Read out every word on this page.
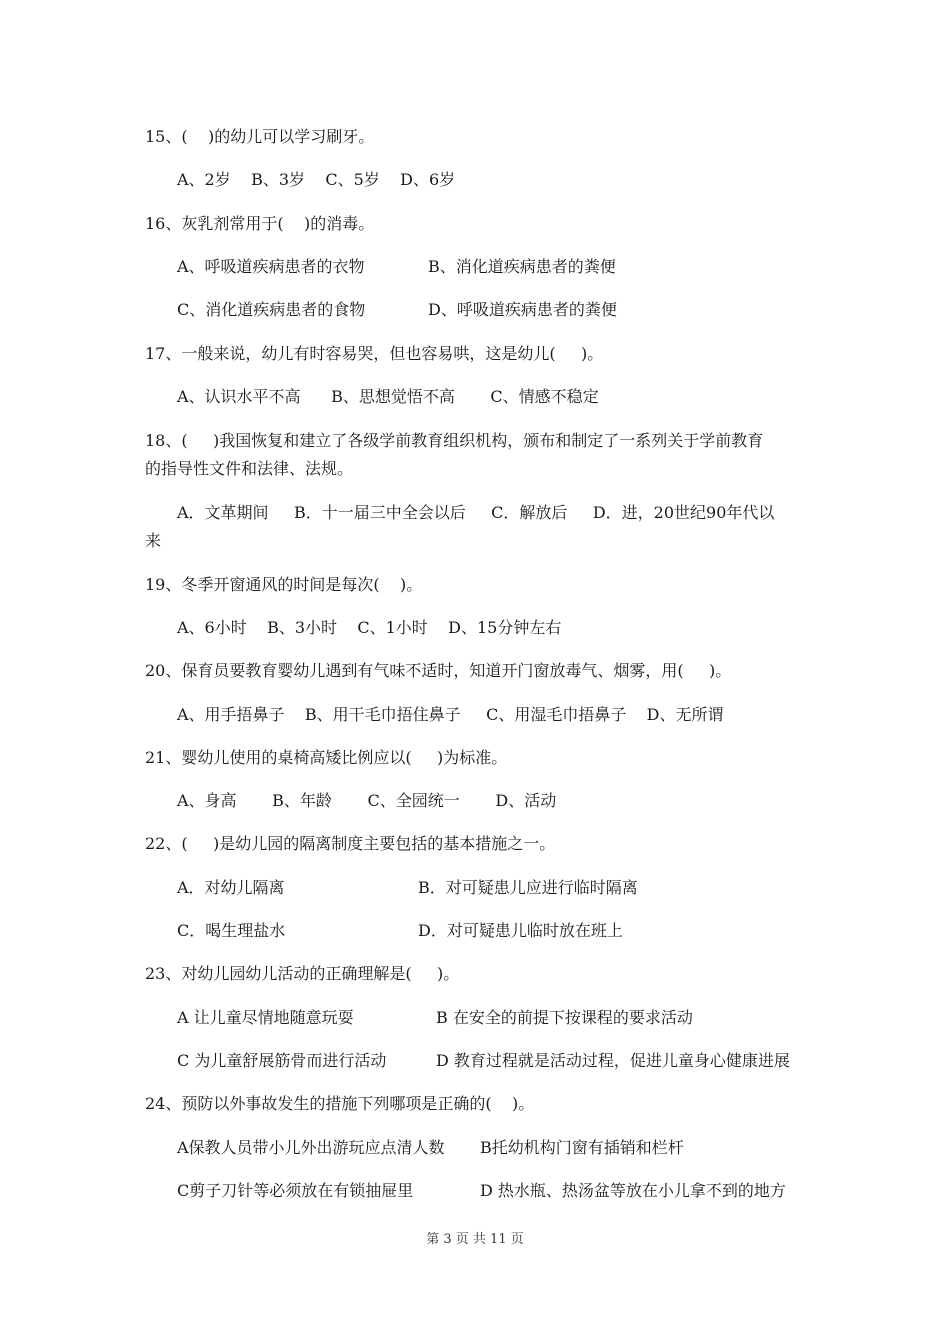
15、(    )的幼儿可以学习刷牙。

A、2岁    B、3岁    C、5岁    D、6岁

16、灰乳剂常用于(    )的消毒。

A、呼吸道疾病患者的衣物	B、消化道疾病患者的粪便

C、消化道疾病患者的食物	D、呼吸道疾病患者的粪便

17、一般来说，幼儿有时容易哭，但也容易哄，这是幼儿(     )。

A、认识水平不高      B、思想觉悟不高       C、情感不稳定

18、(     )我国恢复和建立了各级学前教育组织机构，颁布和制定了一系列关于学前教育

的指导性文件和法律、法规。

A．文革期间     B．十一届三中全会以后     C．解放后     D．进，20世纪90年代以

来

19、冬季开窗通风的时间是每次(    )。

A、6小时    B、3小时    C、1小时    D、15分钟左右

20、保育员要教育婴幼儿遇到有气味不适时，知道开门窗放毒气、烟雾，用(     )。

A、用手捂鼻子    B、用干毛巾捂住鼻子     C、用湿毛巾捂鼻子    D、无所谓

21、婴幼儿使用的桌椅高矮比例应以(     )为标准。

A、身高       B、年龄       C、全园统一       D、活动

22、(     )是幼儿园的隔离制度主要包括的基本措施之一。

A．对幼儿隔离	B．对可疑患儿应进行临时隔离

C．喝生理盐水	D．对可疑患儿临时放在班上

23、对幼儿园幼儿活动的正确理解是(     )。

A 让儿童尽情地随意玩耍	B 在安全的前提下按课程的要求活动

C 为儿童舒展筋骨而进行活动	D 教育过程就是活动过程，促进儿童身心健康进展

24、预防以外事故发生的措施下列哪项是正确的(    )。

A保教人员带小儿外出游玩应点清人数 B托幼机构门窗有插销和栏杆

C剪子刀针等必须放在有锁抽屉里	D 热水瓶、热汤盆等放在小儿拿不到的地方

第 3 页 共 11 页
